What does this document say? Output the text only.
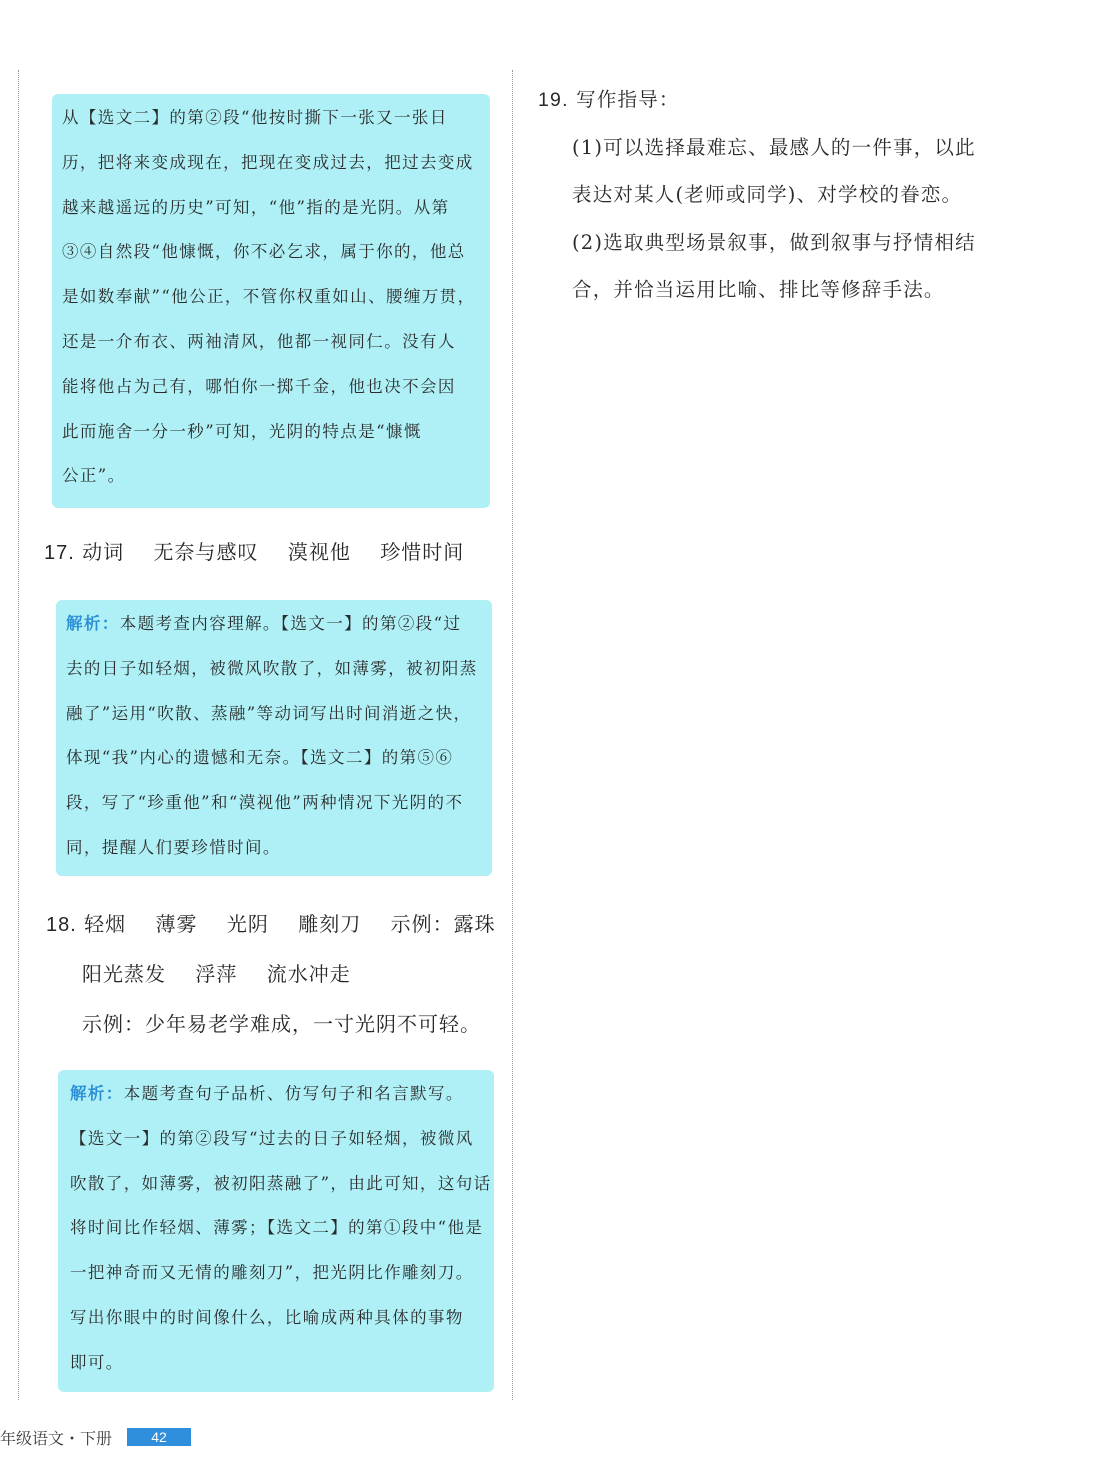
从【选文二】的第②段“他按时撕下一张又一张日

历，把将来变成现在，把现在变成过去，把过去变成

越来越遥远的历史”可知，“他”指的是光阴。从第

③④自然段“他慷慨，你不必乞求，属于你的，他总

是如数奉献”“他公正，不管你权重如山、腰缠万贯，

还是一介布衣、两袖清风，他都一视同仁。没有人

能将他占为己有，哪怕你一掷千金，他也决不会因

此而施舍一分一秒”可知，光阴的特点是“慷慨

公正”。

17. 动词 无奈与感叹 漠视他 珍惜时间

解析：本题考查内容理解。【选文一】的第②段“过

去的日子如轻烟，被微风吹散了，如薄雾，被初阳蒸

融了”运用“吹散、蒸融”等动词写出时间消逝之快，

体现“我”内心的遗憾和无奈。【选文二】的第⑤⑥

段，写了“珍重他”和“漠视他”两种情况下光阴的不

同，提醒人们要珍惜时间。

18. 轻烟 薄雾 光阴 雕刻刀 示例：露珠
阳光蒸发 浮萍 流水冲走
示例：少年易老学难成，一寸光阴不可轻。

解析：本题考查句子品析、仿写句子和名言默写。

【选文一】的第②段写“过去的日子如轻烟，被微风

吹散了，如薄雾，被初阳蒸融了”，由此可知，这句话

将时间比作轻烟、薄雾；【选文二】的第①段中“他是

一把神奇而又无情的雕刻刀”，把光阴比作雕刻刀。

写出你眼中的时间像什么，比喻成两种具体的事物

即可。

19. 写作指导：
(1)可以选择最难忘、最感人的一件事，以此
表达对某人(老师或同学)、对学校的眷恋。
(2)选取典型场景叙事，做到叙事与抒情相结
合，并恰当运用比喻、排比等修辞手法。
年级语文・下册	42
